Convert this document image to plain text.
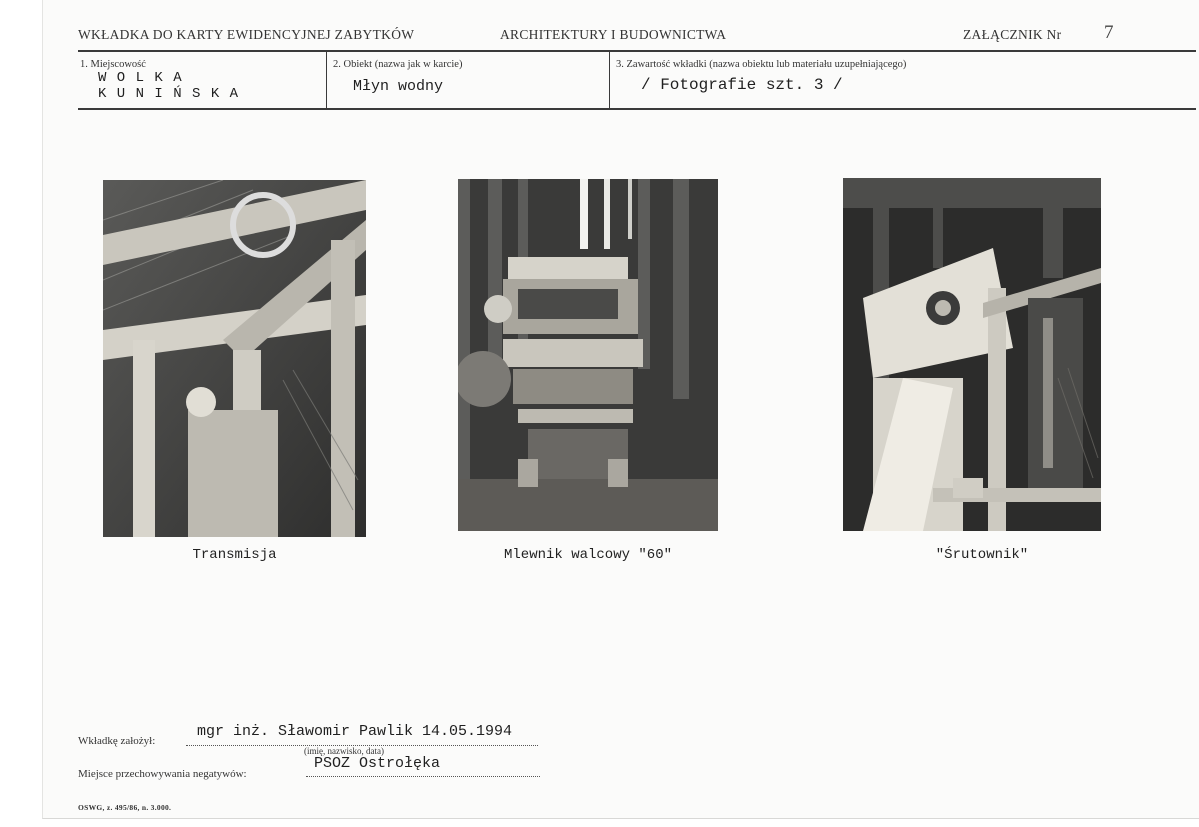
WKŁADKA DO KARTY EWIDENCYJNEJ ZABYTKÓW	ARCHITEKTURY I BUDOWNICTWA	ZAŁĄCZNIK Nr 7
1. Miejscowość
W O L K A
K U N I Ń S K A
2. Obiekt (nazwa jak w karcie)
Młyn wodny
3. Zawartość wkładki (nazwa obiektu lub materiału uzupełniającego)
/ Fotografie szt. 3 /
Transmisja	Mlewnik walcowy "60"	"Śrutownik"
Wkładkę założył:
mgr inż. Sławomir Pawlik 14.05.1994
(imię, nazwisko, data)
Miejsce przechowywania negatywów:
PSOZ Ostrołęka
OSWG, z. 495/86, n. 3.000.
